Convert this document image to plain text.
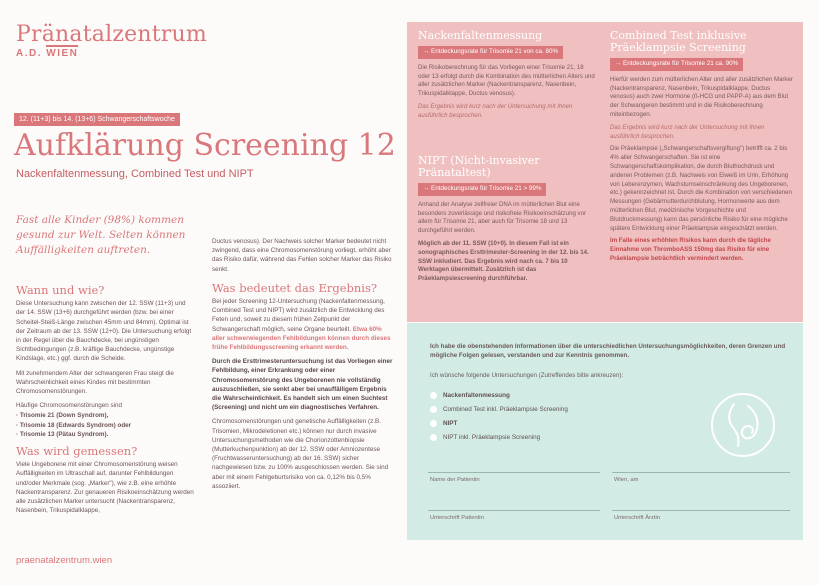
Pränatalzentrum
A.D. WIEN
12. (11+3) bis 14. (13+6) Schwangerschaftswoche
Aufklärung Screening 12
Nackenfaltenmessung, Combined Test und NIPT
Fast alle Kinder (98%) kommen gesund zur Welt. Selten können Auffälligkeiten auftreten.
Wann und wie?

Diese Untersuchung kann zwischen der 12. SSW (11+3) und der 14. SSW (13+6) durchgeführt werden (bzw. bei einer Scheitel-Steiß-Länge zwischen 45mm und 84mm). Optimal ist der Zeitraum ab der 13. SSW (12+0). Die Untersuchung erfolgt in der Regel über die Bauchdecke, bei ungünstigen Sichtbedingungen (z.B. kräftige Bauchdecke, ungünstige Kindslage, etc.) ggf. durch die Scheide.

Mit zunehmendem Alter der schwangeren Frau steigt die Wahrscheinlichkeit eines Kindes mit bestimmten Chromosomenstörungen.

Häufige Chromosomenstörungen sind

· Trisomie 21 (Down Syndrom),
· Trisomie 18 (Edwards Syndrom) oder
· Trisomie 13 (Pätau Syndrom).
Was wird gemessen?

Viele Ungeborene mit einer Chromosomenstörung weisen Auffälligkeiten im Ultraschall auf, darunter Fehlbildungen und/oder Merkmale (sog. „Marker"), wie z.B. eine erhöhte Nackentransparenz. Zur genaueren Risikoeinschätzung werden alle zusätzlichen Marker untersucht (Nackentransparenz, Nasenbein, Trikuspidalklappe,

Ductus venosus). Der Nachweis solcher Marker bedeutet nicht zwingend, dass eine Chromosomenstörung vorliegt, erhöht aber das Risiko dafür, während das Fehlen solcher Marker das Risiko senkt.

Was bedeutet das Ergebnis?

Bei jeder Screening 12-Untersuchung (Nackenfaltenmessung, Combined Test und NIPT) wird zusätzlich die Entwicklung des Feten und, soweit zu diesem frühen Zeitpunkt der Schwangerschaft möglich, seine Organe beurteilt. Etwa 60% aller schwerwiegenden Fehlbildungen können durch dieses frühe Fehlbildungsscreening erkannt werden.

Durch die Ersttrimesteruntersuchung ist das Vorliegen einer Fehlbildung, einer Erkrankung oder einer Chromosomenstörung des Ungeborenen nie vollständig auszuschließen, sie senkt aber bei unauffälligem Ergebnis die Wahrscheinlichkeit. Es handelt sich um einen Suchtest (Screening) und nicht um ein diagnostisches Verfahren.

Chromosomenstörungen und genetische Auffälligkeiten (z.B. Trisomien, Mikrodeletionen etc.) können nur durch invasive Untersuchungsmethoden wie die Chorionzottenbiopsie (Mutterkuchenpunktion) ab der 12. SSW oder Amniozentese (Fruchtwasseruntersuchung) ab der 16. SSW) sicher nachgewiesen bzw. zu 100% ausgeschlossen werden. Sie sind aber mit einem Fehlgeburtsrisiko von ca. 0,12% bis 0,5% assoziiert.

praenatalzentrum.wien
Nackenfaltenmessung
→ Entdeckungsrate für Trisomie 21 von ca. 80%

Die Risikoberechnung für das Vorliegen einer Trisomie 21, 18 oder 13 erfolgt durch die Kombination des mütterlichen Alters und aller zusätzlichen Marker (Nackentransparenz, Nasenbein, Trikuspidalklappe, Ductus venosus).

Das Ergebnis wird kurz nach der Untersuchung mit Ihnen ausführlich besprochen.

NIPT (Nicht-invasiver Pränataltest)
→ Entdeckungsrate für Trisomie 21 > 99%

Anhand der Analyse zellfreier DNA im mütterlichen Blut eine besonders zuverlässige und risikofreie Risikoeinschätzung vor allem für Trisomie 21, aber auch für Trisomie 18 und 13 durchgeführt werden.

Möglich ab der 11. SSW (10+0). In diesem Fall ist ein sonographisches Ersttrimester-Screening in der 12. bis 14. SSW inkludiert. Das Ergebnis wird nach ca. 7 bis 10 Werktagen übermittelt. Zusätzlich ist das Präeklampsiescreening durchführbar.

Combined Test inklusive Präeklampsie Screening
→ Entdeckungsrate für Trisomie 21 ca. 90%

Hierfür werden zum mütterlichen Alter und aller zusätzlichen Marker (Nackentransparenz, Nasenbein, Trikuspidalklappe, Ductus venosus) auch zwei Hormone (ß-HCG und PAPP-A) aus dem Blut der Schwangeren bestimmt und in die Risikoberechnung miteinbezogen.

Das Ergebnis wird kurz nach der Untersuchung mit Ihnen ausführlich besprochen.

Die Präeklampsie („Schwangerschaftsvergiftung") betrifft ca. 2 bis 4% aller Schwangerschaften. Sie ist eine Schwangerschaftskomplikation, die durch Bluthochdruck und anderen Problemen (z.B. Nachweis von Eiweiß im Urin, Erhöhung von Leberenzymen, Wachstumseinschränkung des Ungeborenen, etc.) gekennzeichnet ist. Durch die Kombination von verschiedenen Messungen (Gebärmutterdurchblutung, Hormonwerte aus dem mütterlichen Blut, medizinische Vorgeschichte und Blutdruckmessung) kann das persönliche Risiko für eine mögliche spätere Entwicklung einer Präeklampsie eingeschätzt werden.

Im Falle eines erhöhten Risikos kann durch die tägliche Einnahme von ThromboASS 150mg das Risiko für eine Präeklampsie beträchtlich vermindert werden.

Ich habe die obenstehenden Informationen über die unterschiedlichen Untersuchungsmöglichkeiten, deren Grenzen und mögliche Folgen gelesen, verstanden und zur Kenntnis genommen.
Ich wünsche folgende Untersuchungen (Zutreffendes bitte ankreuzen):
Nackenfaltenmessung
Combined Test inkl. Präeklampsie Screening
NIPT
NIPT inkl. Präeklampsie Screening
Name der Patientin	Wien, am
Unterschrift Patientin	Unterschrift Ärztin
